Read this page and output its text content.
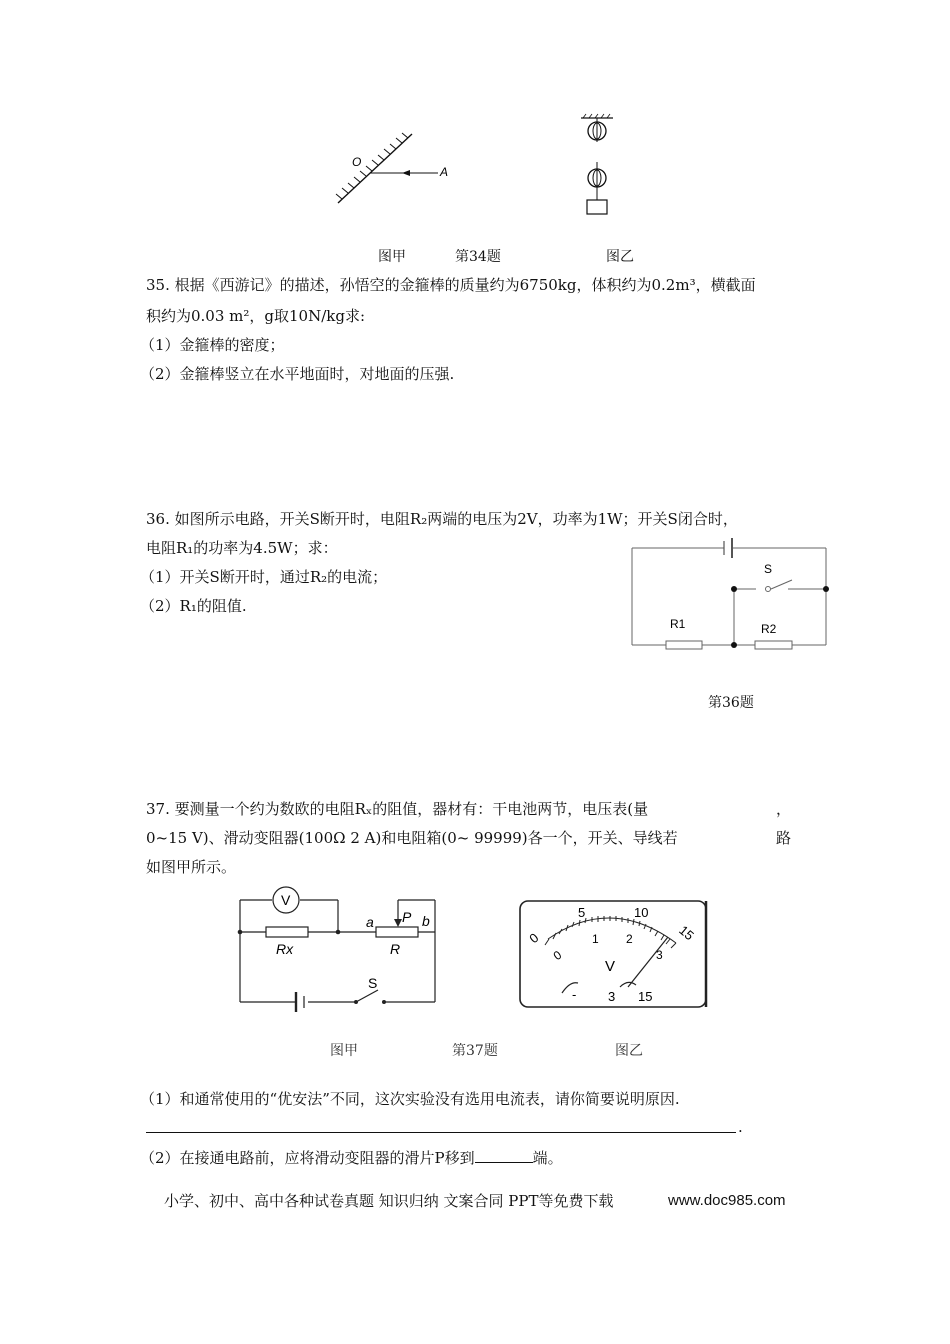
O
A
图甲	第34题	图乙
35. 根据《西游记》的描述，孙悟空的金箍棒的质量约为6750kg，体积约为0.2m³，横截面
积约为0.03 m²，g取10N/kg求:
（1）金箍棒的密度；
（2）金箍棒竖立在水平地面时，对地面的压强.
36. 如图所示电路，开关S断开时，电阻R₂两端的电压为2V，功率为1W；开关S闭合时，
电阻R₁的功率为4.5W；求：
（1）开关S断开时，通过R₂的电流；
（2）R₁的阻值.
S
R1	R2
第36题
37. 要测量一个约为数欧的电阻Rₓ的阻值，器材有：干电池两节，电压表(量	，
0~15 V)、滑动变阻器(100Ω 2 A)和电阻箱(0~ 99999)各一个，开关、导线若	路
如图甲所示。
V
Rx	R
a	b
P
S
0
5	10
15
0
1 2
3
V
- 3 15
图甲	第37题	图乙
（1）和通常使用的“优安法”不同，这次实验没有选用电流表，请你简要说明原因.
.
（2）在接通电路前，应将滑动变阻器的滑片P移到	端。
小学、初中、高中各种试卷真题 知识归纳 文案合同 PPT等免费下载	www.doc985.com
